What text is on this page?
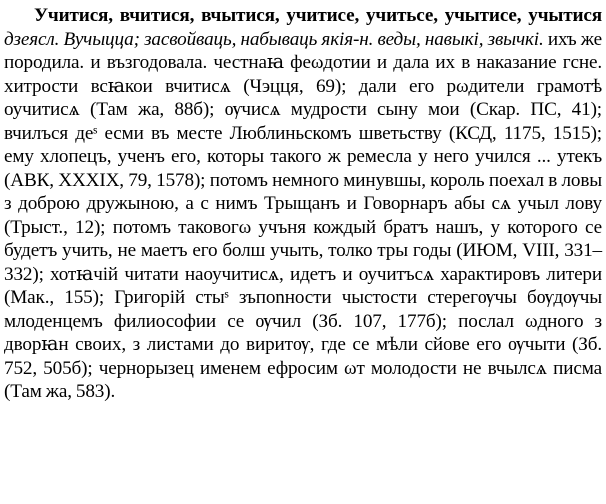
Учитися, вчитися, вчытися, учитисе, учитьсе, учытисе, учытися дзеясл. Вучыцца; засвойваць, набываць якія-н. веды, навыкі, звычкі. ихъ же породила. и възгодовала. честнаꙗ феωдотии и дала их в наказание гсне. хитрости всꙗкои вчитисѧ (Чэцця, 69); дали его рωдители грамотѣ оучитисѧ (Там жа, 88б); ѹчисѧ мудрости сыну мои (Скар. ПС, 41); вчилъся деˢ есми въ месте Люблиньскомъ шветьству (КСД, 1175, 1515); ему хлопецъ, ученъ его, которы такого ж ремесла у него учился ... утекъ (АВК, XXXIX, 79, 1578); потомъ немного минувшы, король поехал в ловы з доброю дружыною, а с нимъ Трыщанъ и Говорнаръ абы сѧ учыл лову (Трыст., 12); потомъ таковогω учъня кождый братъ нашъ, у которого се будетъ учить, не маетъ его болш учыть, толко тры годы (ИЮМ, VIII, 331–332); хотꙗчій читати наоучитисѧ, идетъ и оучитъсѧ характировъ литери (Мак., 155); Григорій стыˢ зъпоnности чыстости стерегѹчы бѹдѹчы млоденцемъ филиософии се ѹчил (Зб. 107, 177б); послал ωдного з дворꙗн своих, з листами до виритѹ, где се мѣли сйове его ѹчыти (Зб. 752, 505б); чернорызец именем ефросим ωт молодости не вчылсѧ писма (Там жа, 583).
